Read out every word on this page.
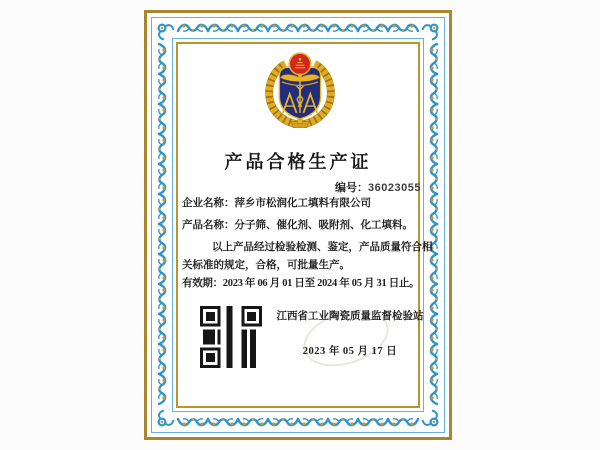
产品合格生产证
编号：36023055
企业名称：萍乡市松润化工填料有限公司
产品名称：分子筛、催化剂、吸附剂、化工填料。
以上产品经过检验检测、鉴定，产品质量符合相
关标准的规定，合格，可批量生产。
有效期：2023 年 06 月 01 日至 2024 年 05 月 31 日止。
江西省工业陶瓷质量监督检验站
2023 年 05 月 17 日
